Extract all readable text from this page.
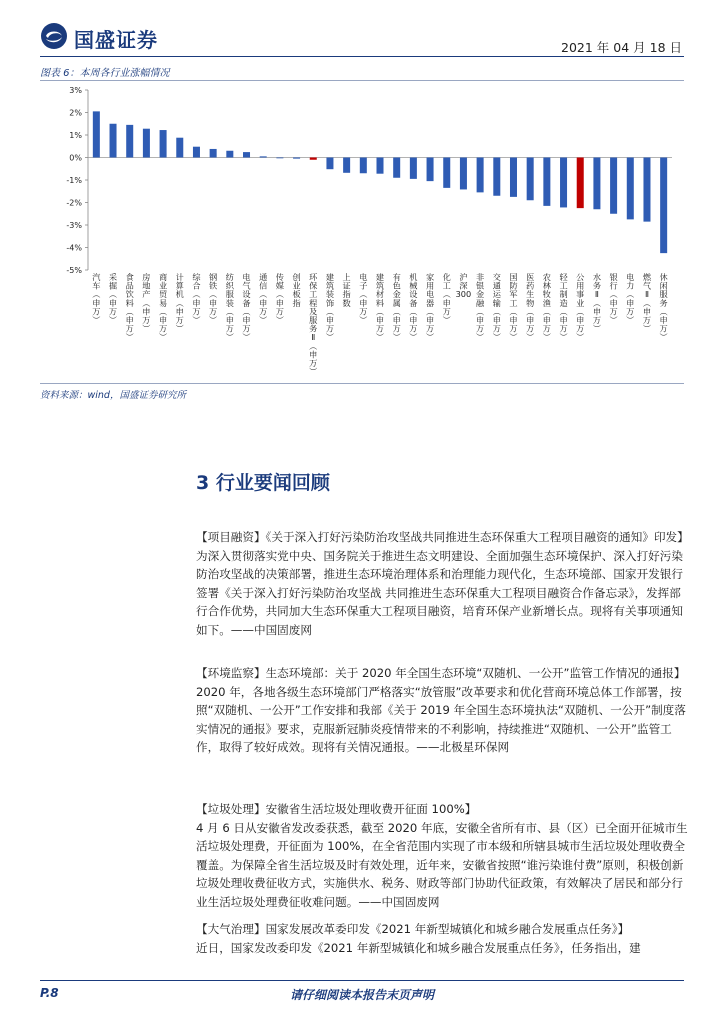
国盛证券	2021 年 04 月 18 日
图表 6：本周各行业涨幅情况
3%
2%
1%
0%
-1%
-2%
-3%
-4%
-5%
汽车︵申万︶
采掘︵申万︶
食品饮料︵申万︶
房地产︵申万︶
商业贸易︵申万︶
计算机︵申万︶
综合︵申万︶
钢铁︵申万︶
纺织服装︵申万︶
电气设备︵申万︶
通信︵申万︶
传媒︵申万︶
创业板指
环保工程及服务 Ⅱ ︵申万︶
建筑装饰︵申万︶
上证指数
电子︵申万︶
建筑材料︵申万︶
有色金属︵申万︶
机械设备︵申万︶
家用电器︵申万︶
化工︵申万︶
沪深 300
非银金融︵申万︶
交通运输︵申万︶
国防军工︵申万︶
医药生物︵申万︶
农林牧渔︵申万︶
轻工制造︵申万︶
公用事业︵申万︶
水务 Ⅱ ︵申万︶
银行︵申万︶
电力︵申万︶
燃气 Ⅱ ︵申万︶
休闲服务︵申万︶
资料来源：wind，国盛证券研究所
3 行业要闻回顾
【项目融资】《关于深入打好污染防治攻坚战共同推进生态环保重大工程项目融资的通知》印发】
为深入贯彻落实党中央、国务院关于推进生态文明建设、全面加强生态环境保护、深入打好污染防治攻坚战的决策部署，推进生态环境治理体系和治理能力现代化，生态环境部、国家开发银行签署《关于深入打好污染防治攻坚战 共同推进生态环保重大工程项目融资合作备忘录》，发挥部行合作优势，共同加大生态环保重大工程项目融资，培育环保产业新增长点。现将有关事项通知如下。——中国固废网
【环境监察】生态环境部：关于 2020 年全国生态环境“双随机、一公开”监管工作情况的通报】
2020 年，各地各级生态环境部门严格落实“放管服”改革要求和优化营商环境总体工作部署，按照“双随机、一公开”工作安排和我部《关于 2019 年全国生态环境执法“双随机、一公开”制度落实情况的通报》要求，克服新冠肺炎疫情带来的不利影响，持续推进“双随机、一公开”监管工作，取得了较好成效。现将有关情况通报。——北极星环保网
【垃圾处理】安徽省生活垃圾处理收费开征面 100%】
4 月 6 日从安徽省发改委获悉，截至 2020 年底，安徽全省所有市、县（区）已全面开征城市生活垃圾处理费，开征面为 100%，在全省范围内实现了市本级和所辖县城市生活垃圾处理收费全覆盖。为保障全省生活垃圾及时有效处理，近年来，安徽省按照“谁污染谁付费”原则，积极创新垃圾处理收费征收方式，实施供水、税务、财政等部门协助代征政策，有效解决了居民和部分行业生活垃圾处理费征收难问题。——中国固废网
【大气治理】国家发展改革委印发《2021 年新型城镇化和城乡融合发展重点任务》】
近日，国家发改委印发《2021 年新型城镇化和城乡融合发展重点任务》，任务指出，建
P.8	请仔细阅读本报告末页声明
